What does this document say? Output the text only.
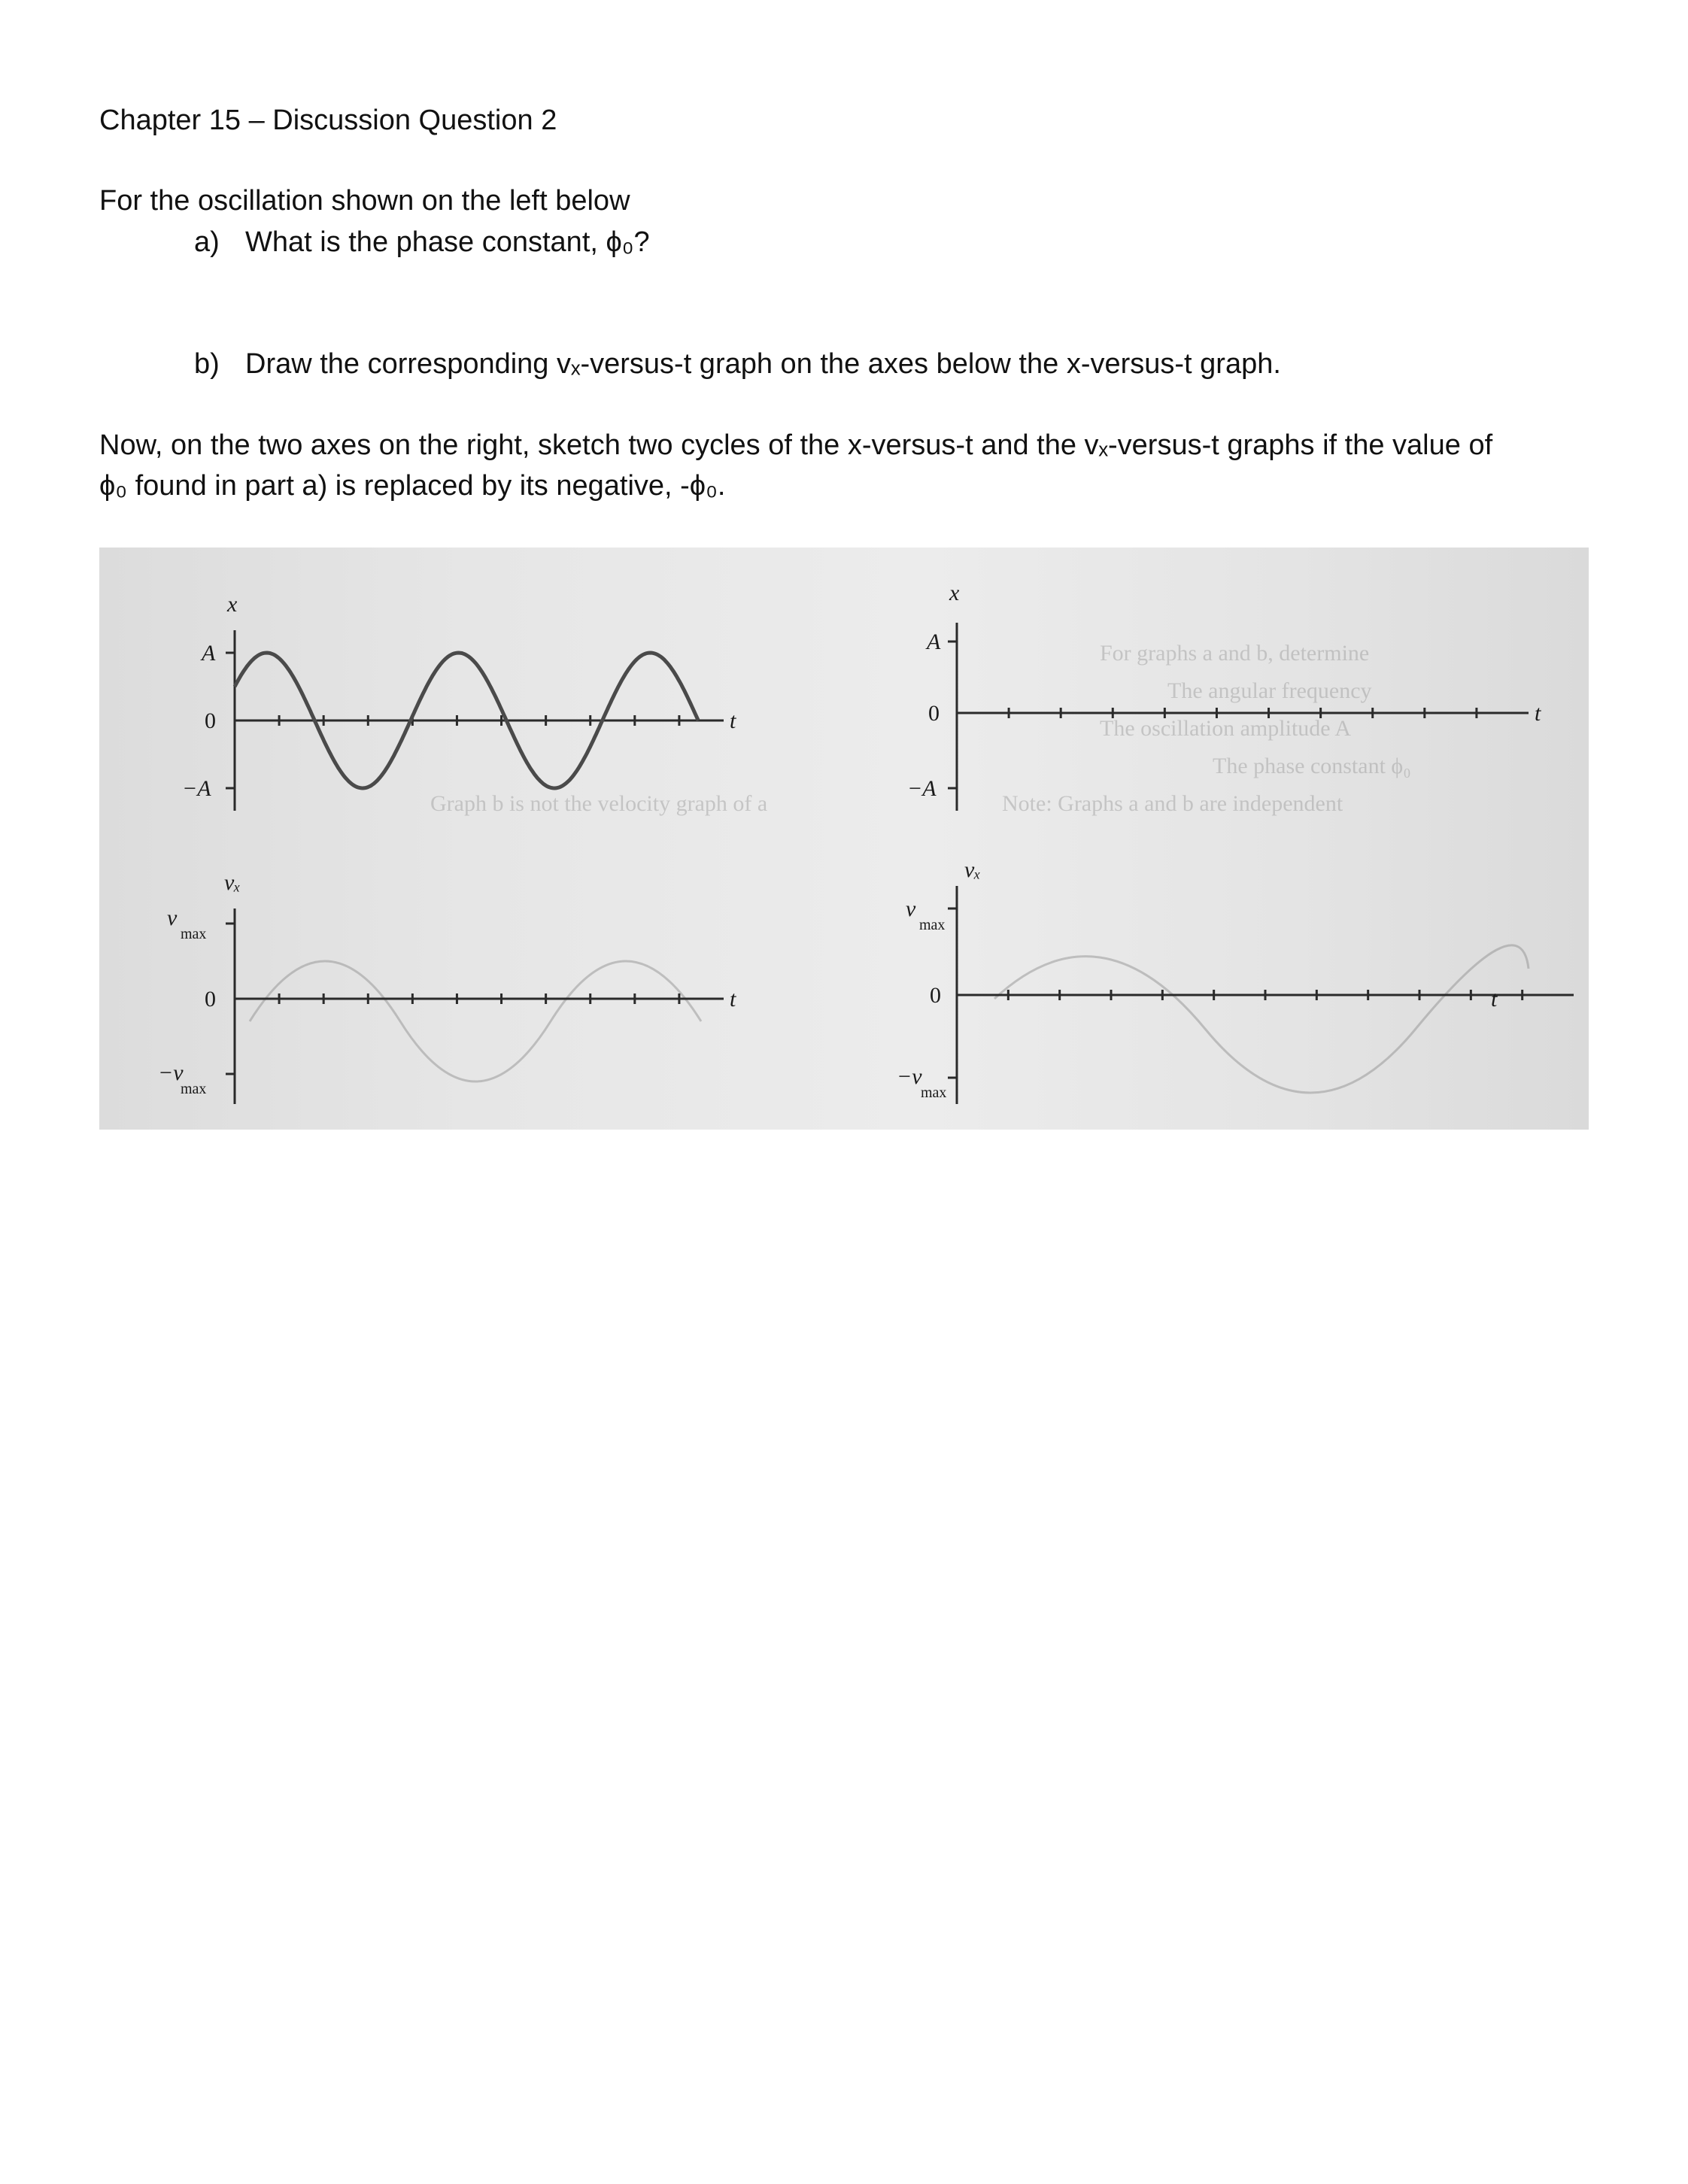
Chapter 15 – Discussion Question 2
For the oscillation shown on the left below
a) What is the phase constant, ϕ₀?
b) Draw the corresponding vₓ-versus-t graph on the axes below the x-versus-t graph.
Now, on the two axes on the right, sketch two cycles of the x-versus-t and the vₓ-versus-t graphs if the value of
ϕ₀ found in part a) is replaced by its negative, -ϕ₀.
For graphs a and b, determine
The angular frequency
The oscillation amplitude A
The phase constant ϕ₀
Note: Graphs a and b are independent
Graph b is not the velocity graph of a
x
t
A
0
−A
vₓ
t
v
max
0
−v
max
x
t
A
0
−A
vₓ
t
v
max
0
−v
max
